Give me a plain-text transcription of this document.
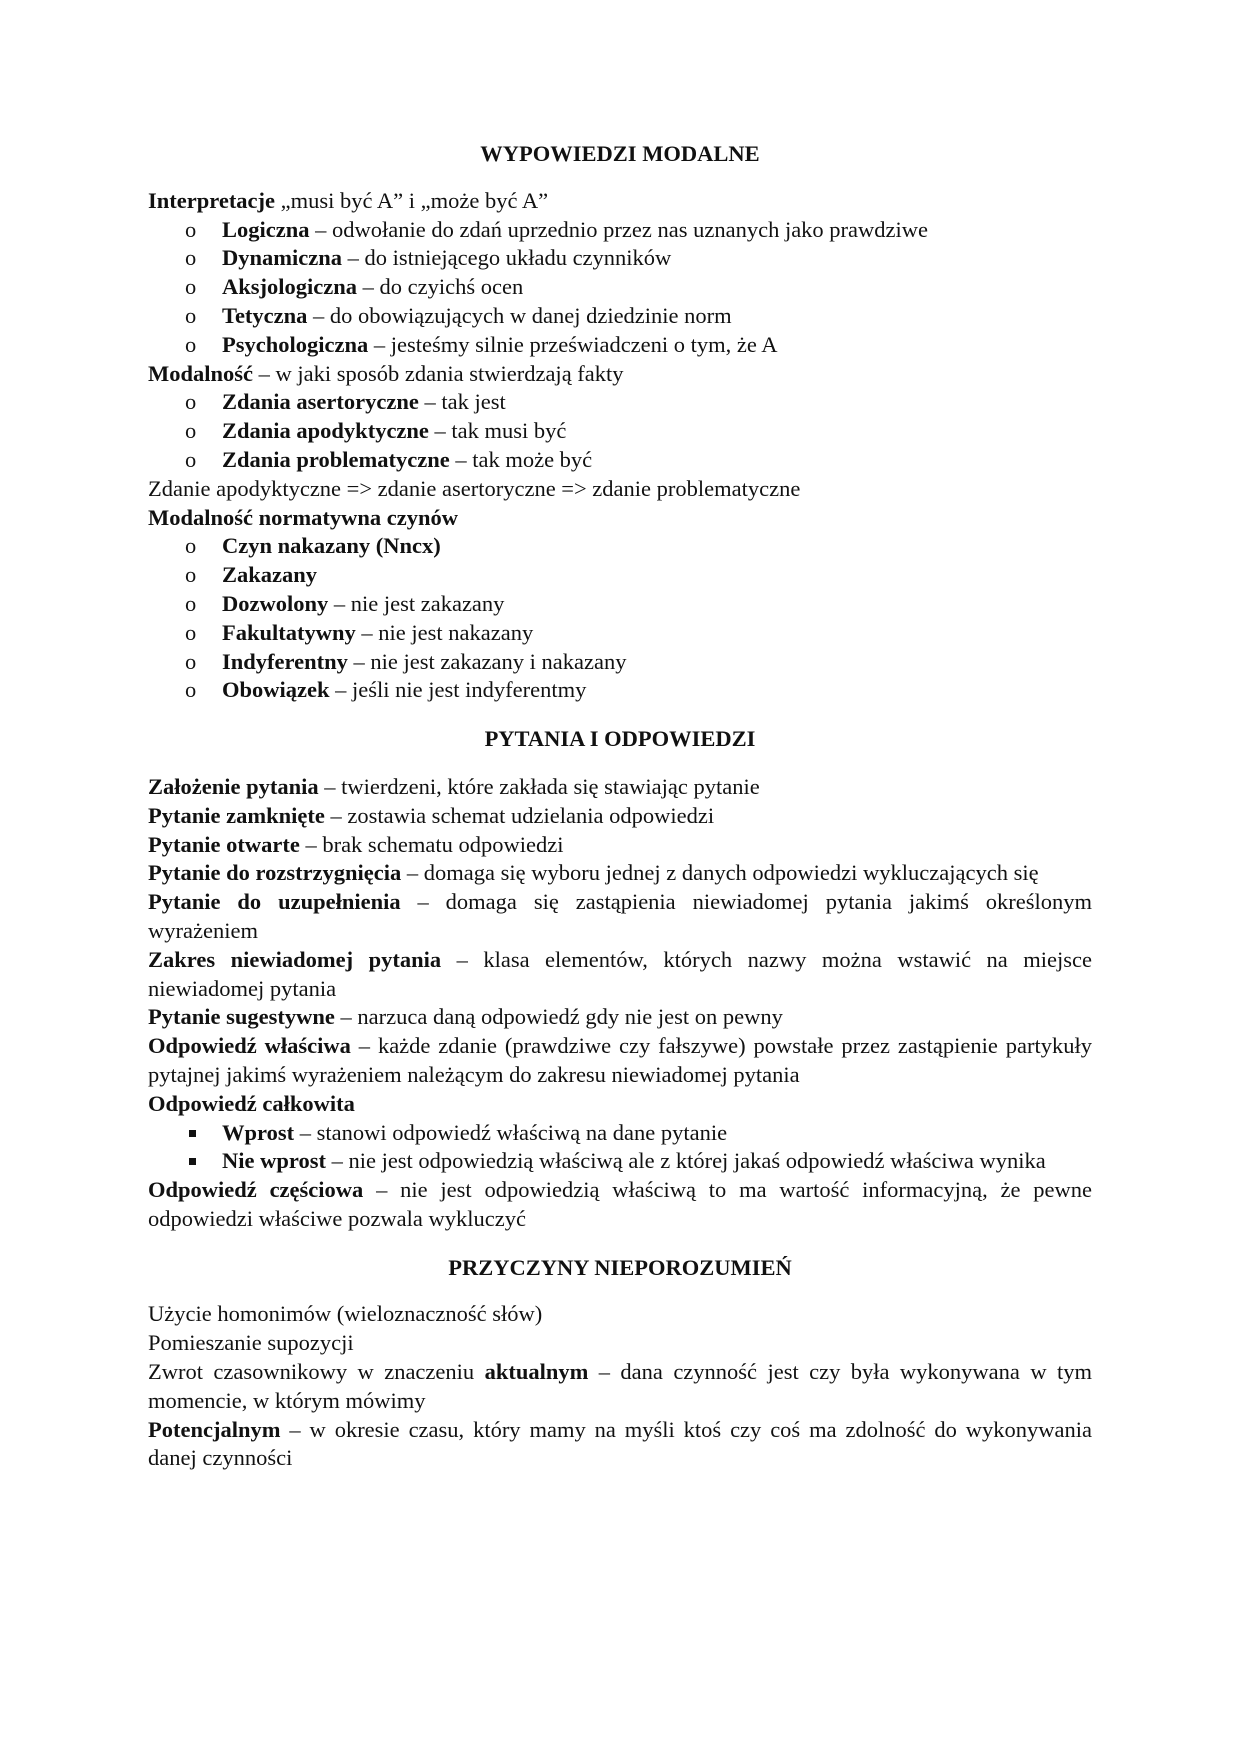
WYPOWIEDZI MODALNE

Interpretacje „musi być A” i „może być A”

o Logiczna – odwołanie do zdań uprzednio przez nas uznanych jako prawdziwe
o Dynamiczna – do istniejącego układu czynników
o Aksjologiczna – do czyichś ocen
o Tetyczna – do obowiązujących w danej dziedzinie norm
o Psychologiczna – jesteśmy silnie przeświadczeni o tym, że A

Modalność – w jaki sposób zdania stwierdzają fakty

o Zdania asertoryczne – tak jest
o Zdania apodyktyczne – tak musi być
o Zdania problematyczne – tak może być

Zdanie apodyktyczne => zdanie asertoryczne => zdanie problematyczne

Modalność normatywna czynów

o Czyn nakazany (Nncx)
o Zakazany
o Dozwolony – nie jest zakazany
o Fakultatywny – nie jest nakazany
o Indyferentny – nie jest zakazany i nakazany
o Obowiązek – jeśli nie jest indyferentmy

PYTANIA I ODPOWIEDZI

Założenie pytania – twierdzeni, które zakłada się stawiając pytanie

Pytanie zamknięte – zostawia schemat udzielania odpowiedzi

Pytanie otwarte – brak schematu odpowiedzi

Pytanie do rozstrzygnięcia – domaga się wyboru jednej z danych odpowiedzi wykluczających się

Pytanie do uzupełnienia – domaga się zastąpienia niewiadomej pytania jakimś określonym wyrażeniem

Zakres niewiadomej pytania – klasa elementów, których nazwy można wstawić na miejsce niewiadomej pytania

Pytanie sugestywne – narzuca daną odpowiedź gdy nie jest on pewny

Odpowiedź właściwa – każde zdanie (prawdziwe czy fałszywe) powstałe przez zastąpienie partykuły pytajnej jakimś wyrażeniem należącym do zakresu niewiadomej pytania

Odpowiedź całkowita

Wprost – stanowi odpowiedź właściwą na dane pytanie
Nie wprost – nie jest odpowiedzią właściwą ale z której jakaś odpowiedź właściwa wynika

Odpowiedź częściowa – nie jest odpowiedzią właściwą to ma wartość informacyjną, że pewne odpowiedzi właściwe pozwala wykluczyć

PRZYCZYNY NIEPOROZUMIEŃ

Użycie homonimów (wieloznaczność słów)

Pomieszanie supozycji

Zwrot czasownikowy w znaczeniu aktualnym – dana czynność jest czy była wykonywana w tym momencie, w którym mówimy

Potencjalnym – w okresie czasu, który mamy na myśli ktoś czy coś ma zdolność do wykonywania danej czynności
